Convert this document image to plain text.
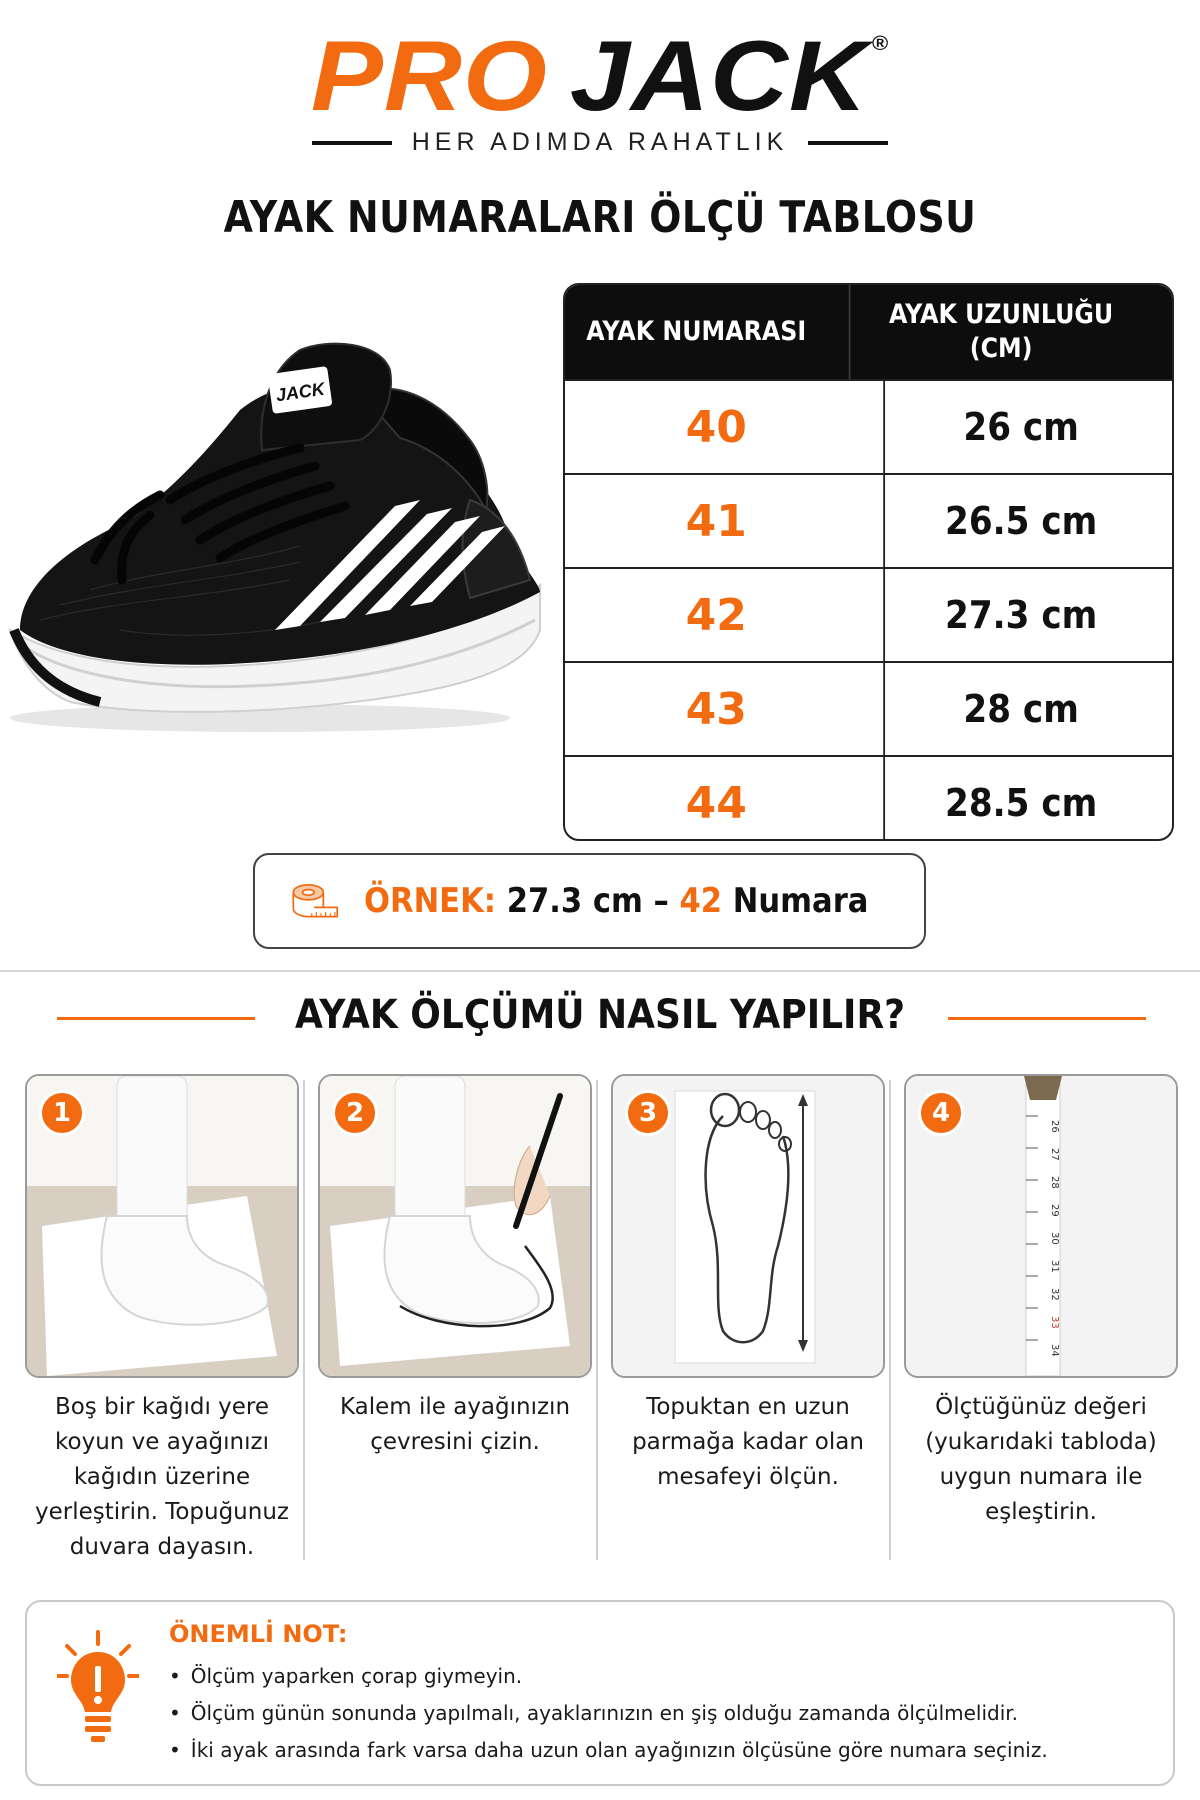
PRO JACK ®
HER ADIMDA RAHATLIK
AYAK NUMARALARI ÖLÇÜ TABLOSU
JACK
AYAK NUMARASI
AYAK UZUNLUĞU (CM)
40	26 cm
41	26.5 cm
42	27.3 cm
43	28 cm
44	28.5 cm
ÖRNEK: 27.3 cm – 42 Numara
AYAK ÖLÇÜMÜ NASIL YAPILIR?
1
Boş bir kağıdı yere koyun ve ayağınızı kağıdın üzerine yerleştirin. Topuğunuz duvara dayasın.
2
Kalem ile ayağınızın çevresini çizin.
3
Topuktan en uzun parmağa kadar olan mesafeyi ölçün.
26
27
28
29
30
31
32
33
34
4
Ölçtüğünüz değeri (yukarıdaki tabloda) uygun numara ile eşleştirin.
ÖNEMLİ NOT:
• Ölçüm yaparken çorap giymeyin.
• Ölçüm günün sonunda yapılmalı, ayaklarınızın en şiş olduğu zamanda ölçülmelidir.
• İki ayak arasında fark varsa daha uzun olan ayağınızın ölçüsüne göre numara seçiniz.
